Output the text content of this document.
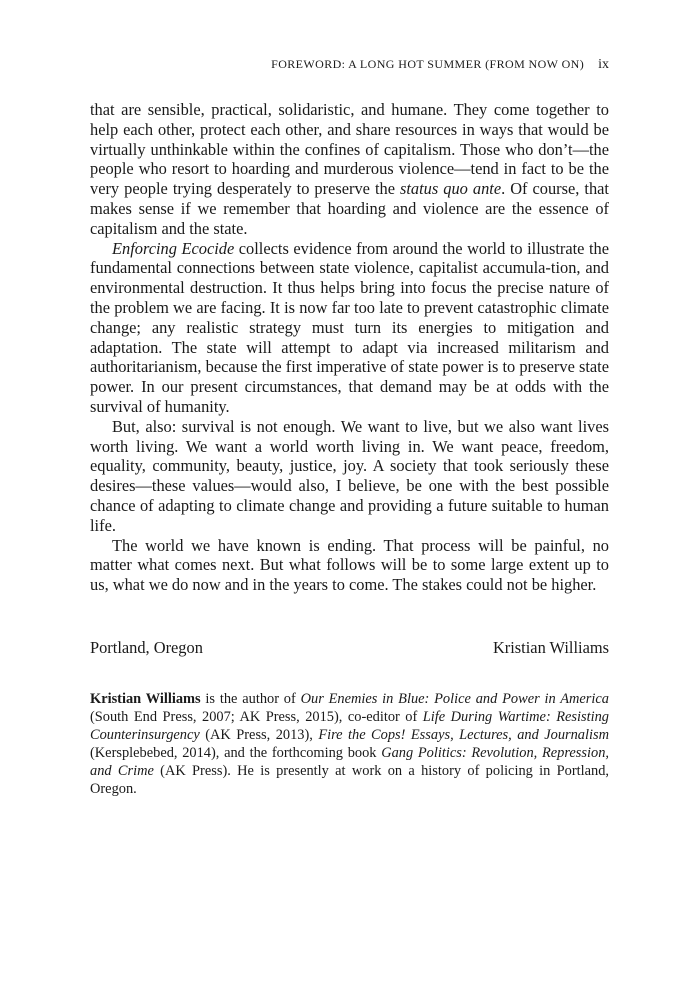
FOREWORD: A LONG HOT SUMMER (FROM NOW ON) ix

that are sensible, practical, solidaristic, and humane. They come together to help each other, protect each other, and share resources in ways that would be virtually unthinkable within the confines of capitalism. Those who don’t—the people who resort to hoarding and murderous violence—tend in fact to be the very people trying desperately to preserve the status quo ante. Of course, that makes sense if we remember that hoarding and violence are the essence of capitalism and the state.

Enforcing Ecocide collects evidence from around the world to illustrate the fundamental connections between state violence, capitalist accumula-tion, and environmental destruction. It thus helps bring into focus the precise nature of the problem we are facing. It is now far too late to prevent catastrophic climate change; any realistic strategy must turn its energies to mitigation and adaptation. The state will attempt to adapt via increased militarism and authoritarianism, because the first imperative of state power is to preserve state power. In our present circumstances, that demand may be at odds with the survival of humanity.

But, also: survival is not enough. We want to live, but we also want lives worth living. We want a world worth living in. We want peace, freedom, equality, community, beauty, justice, joy. A society that took seriously these desires—these values—would also, I believe, be one with the best possible chance of adapting to climate change and providing a future suitable to human life.

The world we have known is ending. That process will be painful, no matter what comes next. But what follows will be to some large extent up to us, what we do now and in the years to come. The stakes could not be higher.

Portland, Oregon	Kristian Williams

Kristian Williams is the author of Our Enemies in Blue: Police and Power in America (South End Press, 2007; AK Press, 2015), co-editor of Life During Wartime: Resisting Counterinsurgency (AK Press, 2013), Fire the Cops! Essays, Lectures, and Journalism (Kersplebebed, 2014), and the forthcoming book Gang Politics: Revolution, Repression, and Crime (AK Press). He is presently at work on a history of policing in Portland, Oregon.
